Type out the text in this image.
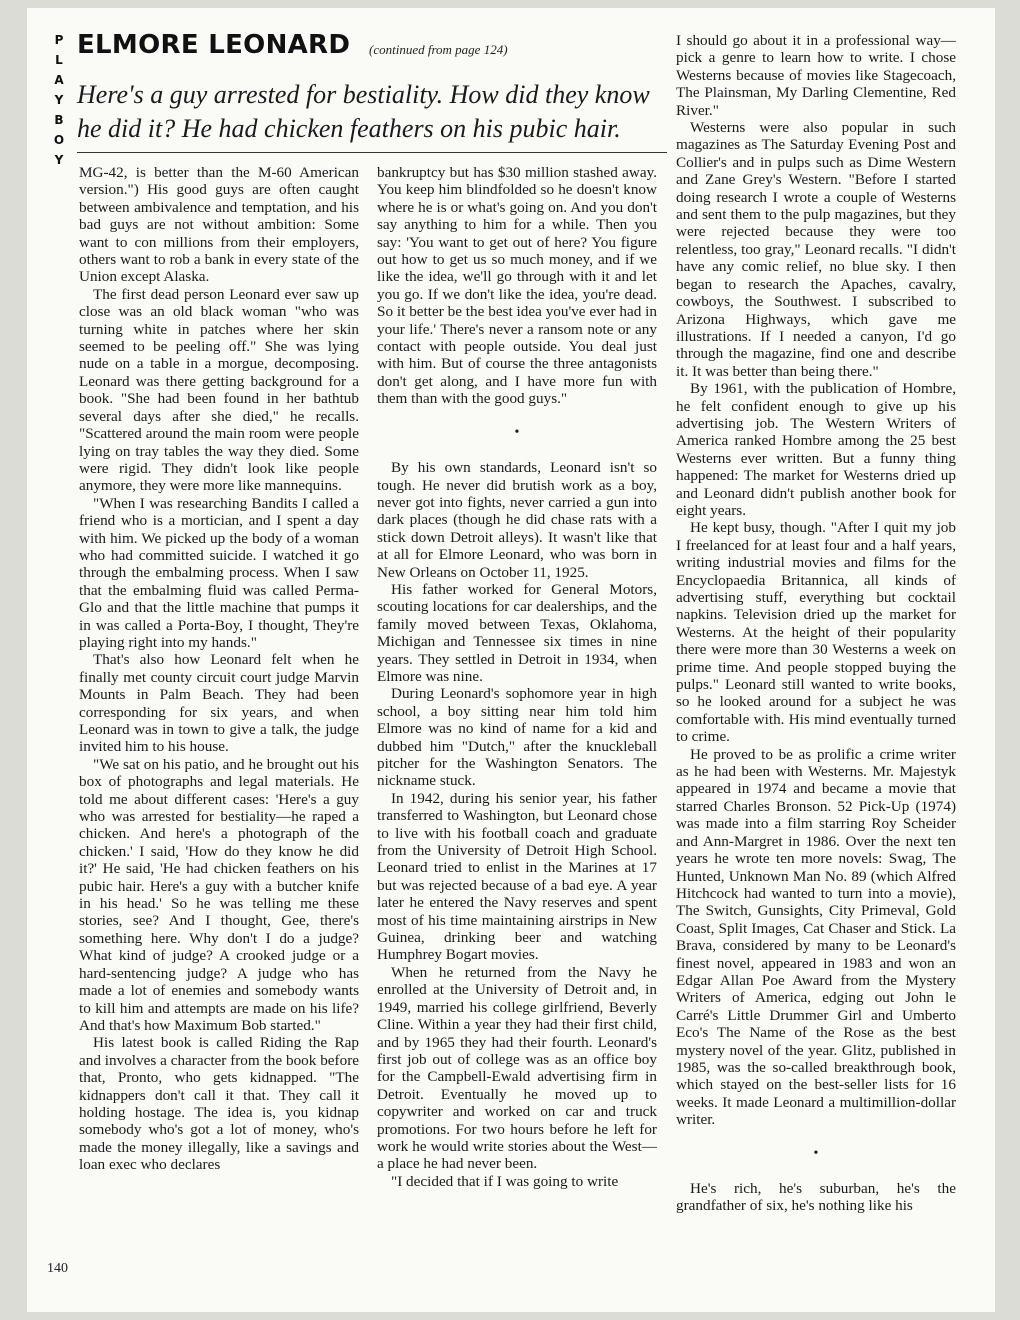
P
L
A
Y
B
O
Y
ELMORE LEONARD (continued from page 124)
Here's a guy arrested for bestiality. How did they know he did it? He had chicken feathers on his pubic hair.

MG-42, is better than the M-60 American version.") His good guys are often caught between ambivalence and temptation, and his bad guys are not without ambition: Some want to con millions from their employers, others want to rob a bank in every state of the Union except Alaska.

The first dead person Leonard ever saw up close was an old black woman "who was turning white in patches where her skin seemed to be peeling off." She was lying nude on a table in a morgue, decomposing. Leonard was there getting background for a book. "She had been found in her bathtub several days after she died," he recalls. "Scattered around the main room were people lying on tray tables the way they died. Some were rigid. They didn't look like people anymore, they were more like mannequins.

"When I was researching Bandits I called a friend who is a mortician, and I spent a day with him. We picked up the body of a woman who had committed suicide. I watched it go through the embalming process. When I saw that the embalming fluid was called Perma-Glo and that the little machine that pumps it in was called a Porta-Boy, I thought, They're playing right into my hands."

That's also how Leonard felt when he finally met county circuit court judge Marvin Mounts in Palm Beach. They had been corresponding for six years, and when Leonard was in town to give a talk, the judge invited him to his house.

"We sat on his patio, and he brought out his box of photographs and legal materials. He told me about different cases: 'Here's a guy who was arrested for bestiality—he raped a chicken. And here's a photograph of the chicken.' I said, 'How do they know he did it?' He said, 'He had chicken feathers on his pubic hair. Here's a guy with a butcher knife in his head.' So he was telling me these stories, see? And I thought, Gee, there's something here. Why don't I do a judge? What kind of judge? A crooked judge or a hard-sentencing judge? A judge who has made a lot of enemies and somebody wants to kill him and attempts are made on his life? And that's how Maximum Bob started."

His latest book is called Riding the Rap and involves a character from the book before that, Pronto, who gets kidnapped. "The kidnappers don't call it that. They call it holding hostage. The idea is, you kidnap somebody who's got a lot of money, who's made the money illegally, like a savings and loan exec who declares

bankruptcy but has $30 million stashed away. You keep him blindfolded so he doesn't know where he is or what's going on. And you don't say anything to him for a while. Then you say: 'You want to get out of here? You figure out how to get us so much money, and if we like the idea, we'll go through with it and let you go. If we don't like the idea, you're dead. So it better be the best idea you've ever had in your life.' There's never a ransom note or any contact with people outside. You deal just with him. But of course the three antagonists don't get along, and I have more fun with them than with the good guys."

•

By his own standards, Leonard isn't so tough. He never did brutish work as a boy, never got into fights, never carried a gun into dark places (though he did chase rats with a stick down Detroit alleys). It wasn't like that at all for Elmore Leonard, who was born in New Orleans on October 11, 1925.

His father worked for General Motors, scouting locations for car dealerships, and the family moved between Texas, Oklahoma, Michigan and Tennessee six times in nine years. They settled in Detroit in 1934, when Elmore was nine.

During Leonard's sophomore year in high school, a boy sitting near him told him Elmore was no kind of name for a kid and dubbed him "Dutch," after the knuckleball pitcher for the Washington Senators. The nickname stuck.

In 1942, during his senior year, his father transferred to Washington, but Leonard chose to live with his football coach and graduate from the University of Detroit High School. Leonard tried to enlist in the Marines at 17 but was rejected because of a bad eye. A year later he entered the Navy reserves and spent most of his time maintaining airstrips in New Guinea, drinking beer and watching Humphrey Bogart movies.

When he returned from the Navy he enrolled at the University of Detroit and, in 1949, married his college girlfriend, Beverly Cline. Within a year they had their first child, and by 1965 they had their fourth. Leonard's first job out of college was as an office boy for the Campbell-Ewald advertising firm in Detroit. Eventually he moved up to copywriter and worked on car and truck promotions. For two hours before he left for work he would write stories about the West—a place he had never been.

"I decided that if I was going to write

I should go about it in a professional way—pick a genre to learn how to write. I chose Westerns because of movies like Stagecoach, The Plainsman, My Darling Clementine, Red River."

Westerns were also popular in such magazines as The Saturday Evening Post and Collier's and in pulps such as Dime Western and Zane Grey's Western. "Before I started doing research I wrote a couple of Westerns and sent them to the pulp magazines, but they were rejected because they were too relentless, too gray," Leonard recalls. "I didn't have any comic relief, no blue sky. I then began to research the Apaches, cavalry, cowboys, the Southwest. I subscribed to Arizona Highways, which gave me illustrations. If I needed a canyon, I'd go through the magazine, find one and describe it. It was better than being there."

By 1961, with the publication of Hombre, he felt confident enough to give up his advertising job. The Western Writers of America ranked Hombre among the 25 best Westerns ever written. But a funny thing happened: The market for Westerns dried up and Leonard didn't publish another book for eight years.

He kept busy, though. "After I quit my job I freelanced for at least four and a half years, writing industrial movies and films for the Encyclopaedia Britannica, all kinds of advertising stuff, everything but cocktail napkins. Television dried up the market for Westerns. At the height of their popularity there were more than 30 Westerns a week on prime time. And people stopped buying the pulps." Leonard still wanted to write books, so he looked around for a subject he was comfortable with. His mind eventually turned to crime.

He proved to be as prolific a crime writer as he had been with Westerns. Mr. Majestyk appeared in 1974 and became a movie that starred Charles Bronson. 52 Pick-Up (1974) was made into a film starring Roy Scheider and Ann-Margret in 1986. Over the next ten years he wrote ten more novels: Swag, The Hunted, Unknown Man No. 89 (which Alfred Hitchcock had wanted to turn into a movie), The Switch, Gunsights, City Primeval, Gold Coast, Split Images, Cat Chaser and Stick. La Brava, considered by many to be Leonard's finest novel, appeared in 1983 and won an Edgar Allan Poe Award from the Mystery Writers of America, edging out John le Carré's Little Drummer Girl and Umberto Eco's The Name of the Rose as the best mystery novel of the year. Glitz, published in 1985, was the so-called breakthrough book, which stayed on the best-seller lists for 16 weeks. It made Leonard a multimillion-dollar writer.

•

He's rich, he's suburban, he's the grandfather of six, he's nothing like his

140
